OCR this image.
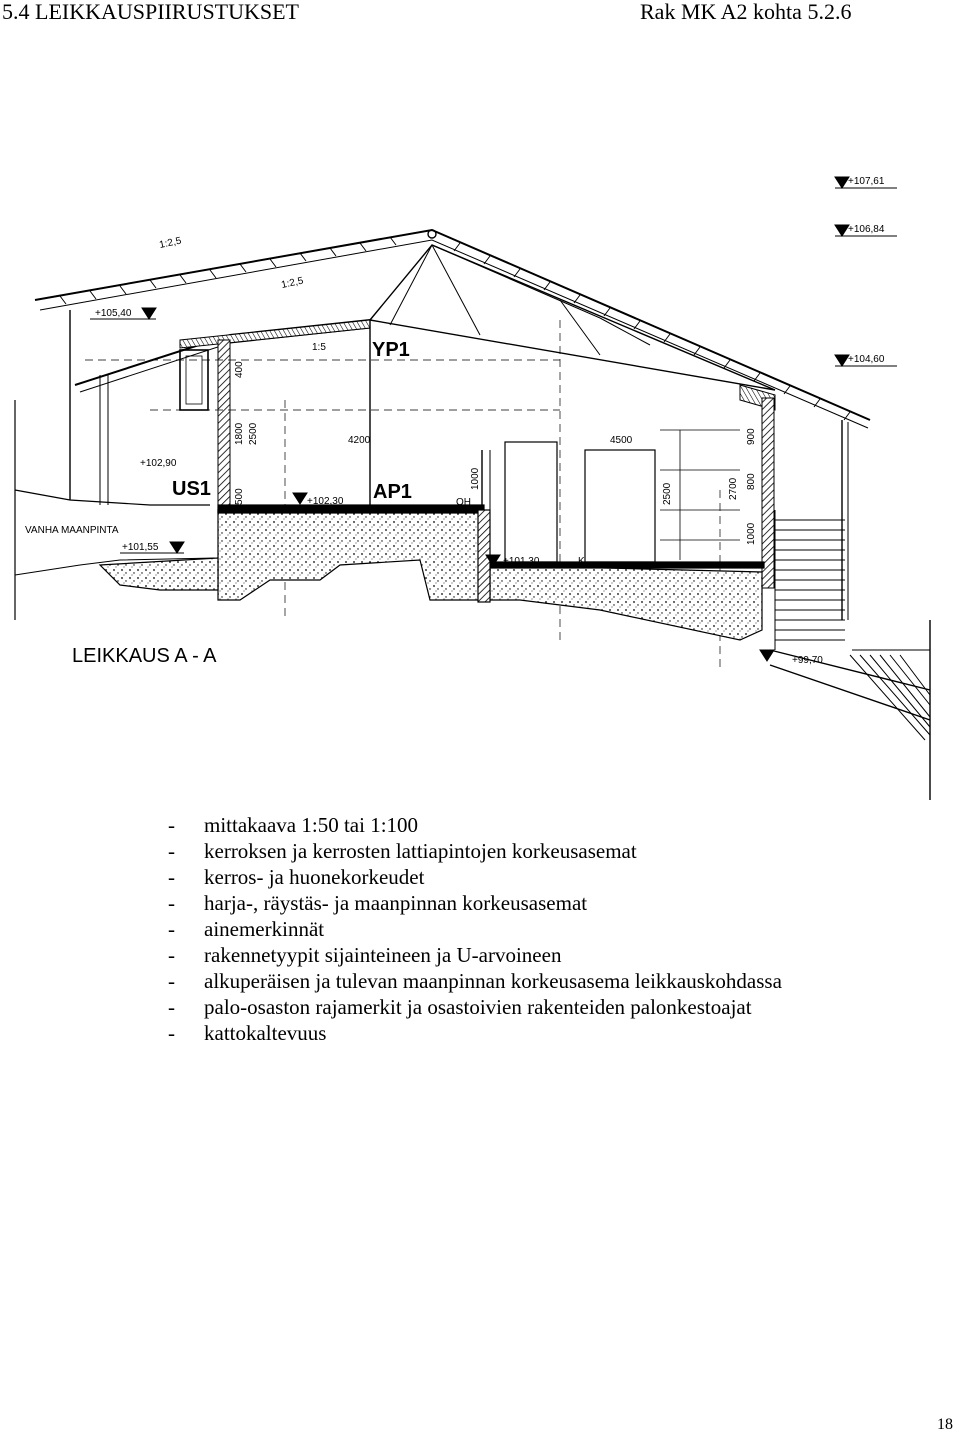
5.4 LEIKKAUSPIIRUSTUKSET	Rak MK A2 kohta 5.2.6
+107,61
+106,84
+105,40
+104,60
+102,90
+102,30
+101,55
+101,30
+99,70
1:2,5
1:2,5
1:5 YP1
US1	AP1	OH
K
400
1800 2500
500
4200	4500
1000
2500	2700
900
800
1000
VANHA MAANPINTA
LEIKKAUS A - A
- mittakaava 1:50 tai 1:100
- kerroksen ja kerrosten lattiapintojen korkeusasemat
- kerros- ja huonekorkeudet
- harja-, räystäs- ja maanpinnan korkeusasemat
- ainemerkinnät
- rakennetyypit sijainteineen ja U-arvoineen
- alkuperäisen ja tulevan maanpinnan korkeusasema leikkauskohdassa
- palo-osaston rajamerkit ja osastoivien rakenteiden palonkestoajat
- kattokaltevuus
18
